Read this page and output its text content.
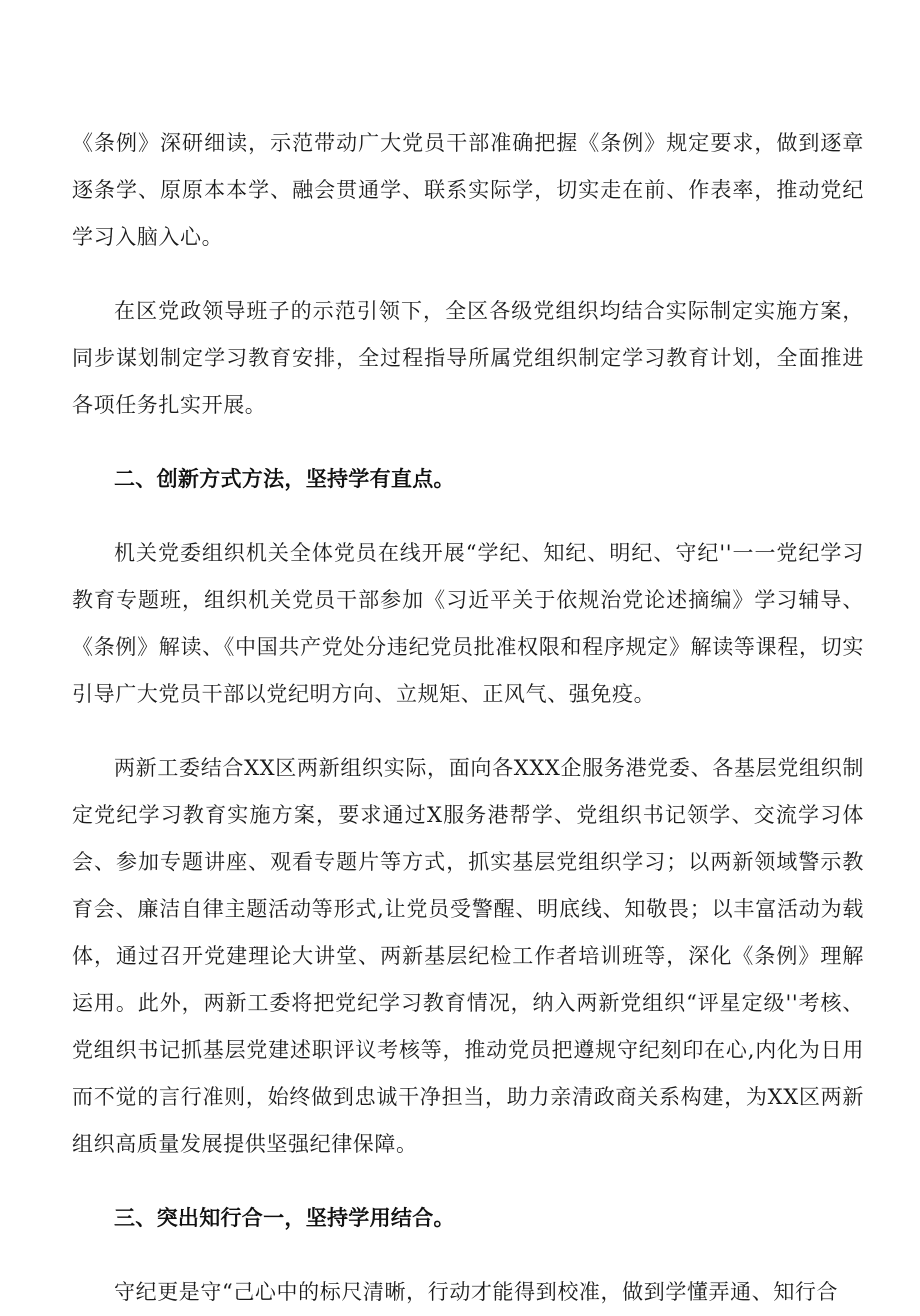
《条例》深研细读，示范带动广大党员干部准确把握《条例》规定要求，做到逐章逐条学、原原本本学、融会贯通学、联系实际学，切实走在前、作表率，推动党纪学习入脑入心。

在区党政领导班子的示范引领下，全区各级党组织均结合实际制定实施方案，同步谋划制定学习教育安排，全过程指导所属党组织制定学习教育计划，全面推进各项任务扎实开展。

二、创新方式方法，坚持学有直点。

机关党委组织机关全体党员在线开展“学纪、知纪、明纪、守纪''一一党纪学习教育专题班，组织机关党员干部参加《习近平关于依规治党论述摘编》学习辅导、《条例》解读、《中国共产党处分违纪党员批准权限和程序规定》解读等课程，切实引导广大党员干部以党纪明方向、立规矩、正风气、强免疫。

两新工委结合XX区两新组织实际，面向各XXX企服务港党委、各基层党组织制定党纪学习教育实施方案，要求通过X服务港帮学、党组织书记领学、交流学习体会、参加专题讲座、观看专题片等方式，抓实基层党组织学习；以两新领域警示教育会、廉洁自律主题活动等形式,让党员受警醒、明底线、知敬畏；以丰富活动为载体，通过召开党建理论大讲堂、两新基层纪检工作者培训班等，深化《条例》理解运用。此外，两新工委将把党纪学习教育情况，纳入两新党组织“评星定级''考核、党组织书记抓基层党建述职评议考核等，推动党员把遵规守纪刻印在心,内化为日用而不觉的言行准则，始终做到忠诚干净担当，助力亲清政商关系构建，为XX区两新组织高质量发展提供坚强纪律保障。

三、突出知行合一，坚持学用结合。

守纪更是守“己心中的标尺清晰，行动才能得到校准，做到学懂弄通、知行合
